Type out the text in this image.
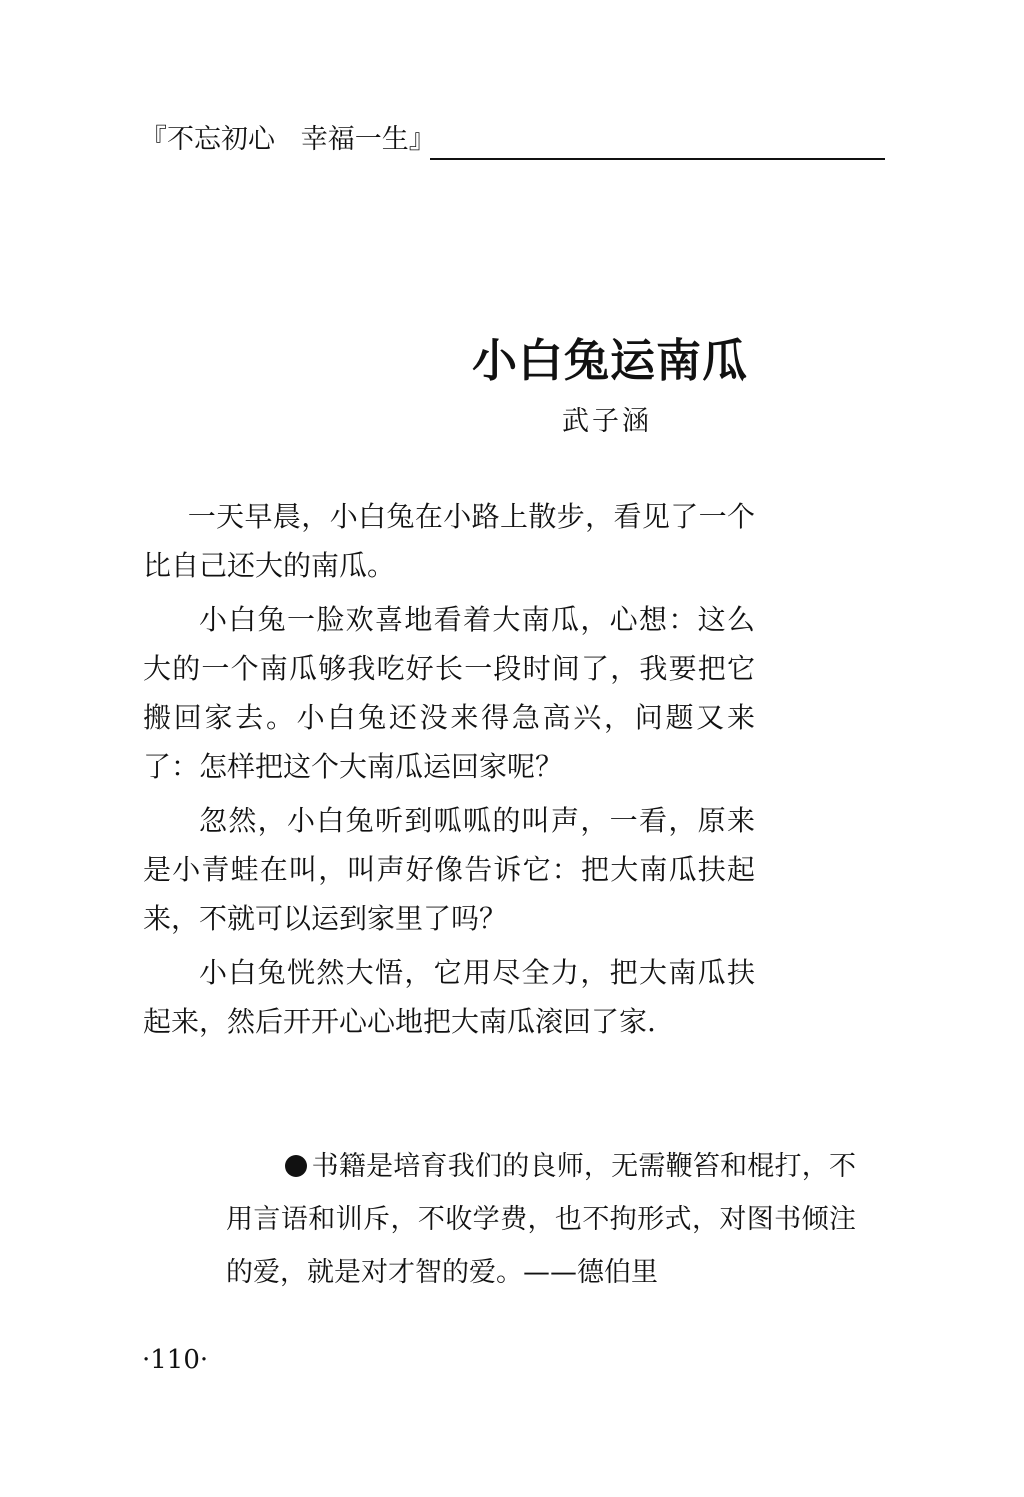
『不忘初心   幸福一生』
小白兔运南瓜
武子涵

一天早晨，小白兔在小路上散步，看见了一个比自己还大的南瓜。

小白兔一脸欢喜地看着大南瓜，心想：这么大的一个南瓜够我吃好长一段时间了，我要把它搬回家去。小白兔还没来得急高兴，问题又来了：怎样把这个大南瓜运回家呢？

忽然，小白兔听到呱呱的叫声，一看，原来是小青蛙在叫，叫声好像告诉它：把大南瓜扶起来，不就可以运到家里了吗？

小白兔恍然大悟，它用尽全力，把大南瓜扶起来，然后开开心心地把大南瓜滚回了家.

书籍是培育我们的良师，无需鞭笞和棍打，不用言语和训斥，不收学费，也不拘形式，对图书倾注的爱，就是对才智的爱。——德伯里
·110·
